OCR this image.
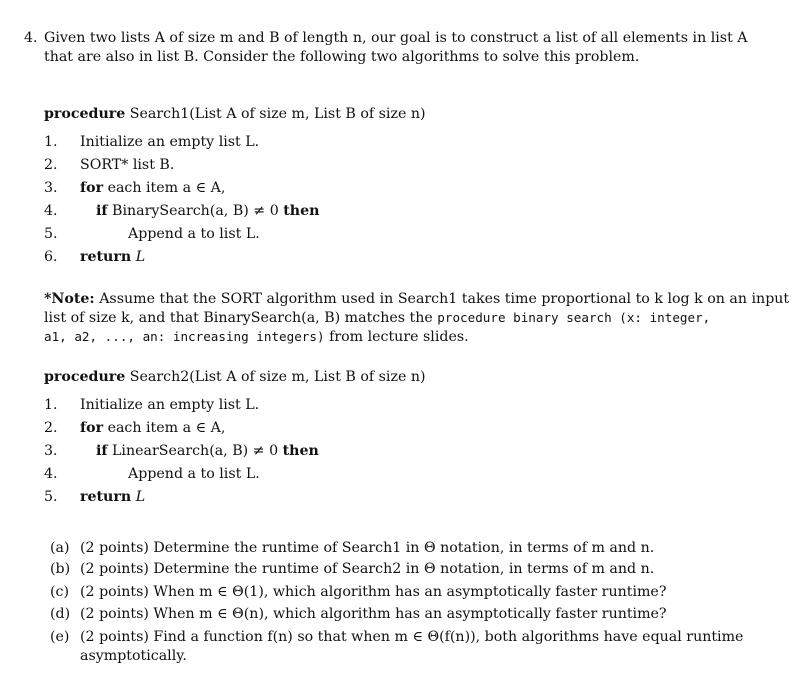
4. Given two lists A of size m and B of length n, our goal is to construct a list of all elements in list A
that are also in list B. Consider the following two algorithms to solve this problem.
procedure Search1(List A of size m, List B of size n)
1. Initialize an empty list L.
2. SORT* list B.
3. for each item a ∈ A,
4.	if BinarySearch(a, B) ≠ 0 then
5.	Append a to list L.
6. return L
*Note: Assume that the SORT algorithm used in Search1 takes time proportional to k log k on an input
list of size k, and that BinarySearch(a, B) matches the procedure binary search (x: integer,
a1, a2, ..., an: increasing integers) from lecture slides.
procedure Search2(List A of size m, List B of size n)
1. Initialize an empty list L.
2. for each item a ∈ A,
3.	if LinearSearch(a, B) ≠ 0 then
4.	Append a to list L.
5. return L
(a) (2 points) Determine the runtime of Search1 in Θ notation, in terms of m and n.
(b) (2 points) Determine the runtime of Search2 in Θ notation, in terms of m and n.
(c) (2 points) When m ∈ Θ(1), which algorithm has an asymptotically faster runtime?
(d) (2 points) When m ∈ Θ(n), which algorithm has an asymptotically faster runtime?
(e) (2 points) Find a function f(n) so that when m ∈ Θ(f(n)), both algorithms have equal runtime
asymptotically.
